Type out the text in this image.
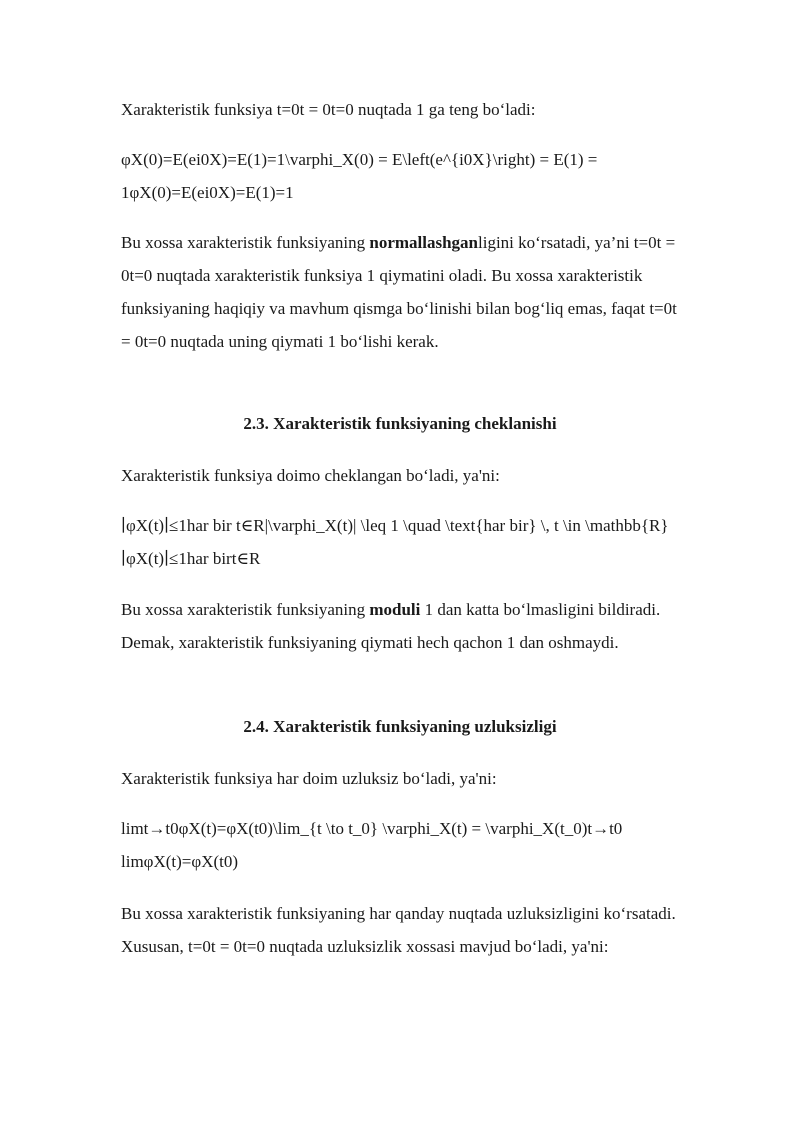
Xarakteristik funksiya t=0t = 0t=0 nuqtada 1 ga teng bo‘ladi:

φX(0)=E(ei0X)=E(1)=1\varphi_X(0) = E\left(e^{i0X}\right) = E(1) = 1φX(0)=E(ei0X)=E(1)=1

Bu xossa xarakteristik funksiyaning normallashganligini ko‘rsatadi, ya’ni t=0t = 0t=0 nuqtada xarakteristik funksiya 1 qiymatini oladi. Bu xossa xarakteristik funksiyaning haqiqiy va mavhum qismga bo‘linishi bilan bog‘liq emas, faqat t=0t = 0t=0 nuqtada uning qiymati 1 bo‘lishi kerak.

2.3. Xarakteristik funksiyaning cheklanishi

Xarakteristik funksiya doimo cheklangan bo‘ladi, ya'ni:

∣φX(t)∣≤1har bir t∈R|\varphi_X(t)| \leq 1 \quad \text{har bir} \, t \in \mathbb{R}∣φX(t)∣≤1har birt∈R

Bu xossa xarakteristik funksiyaning moduli 1 dan katta bo‘lmasligini bildiradi. Demak, xarakteristik funksiyaning qiymati hech qachon 1 dan oshmaydi.

2.4. Xarakteristik funksiyaning uzluksizligi

Xarakteristik funksiya har doim uzluksiz bo‘ladi, ya'ni:

limt→t0φX(t)=φX(t0)\lim_{t \to t_0} \varphi_X(t) = \varphi_X(t_0)t→t0 limφX(t)=φX(t0)

Bu xossa xarakteristik funksiyaning har qanday nuqtada uzluksizligini ko‘rsatadi. Xususan, t=0t = 0t=0 nuqtada uzluksizlik xossasi mavjud bo‘ladi, ya'ni:
